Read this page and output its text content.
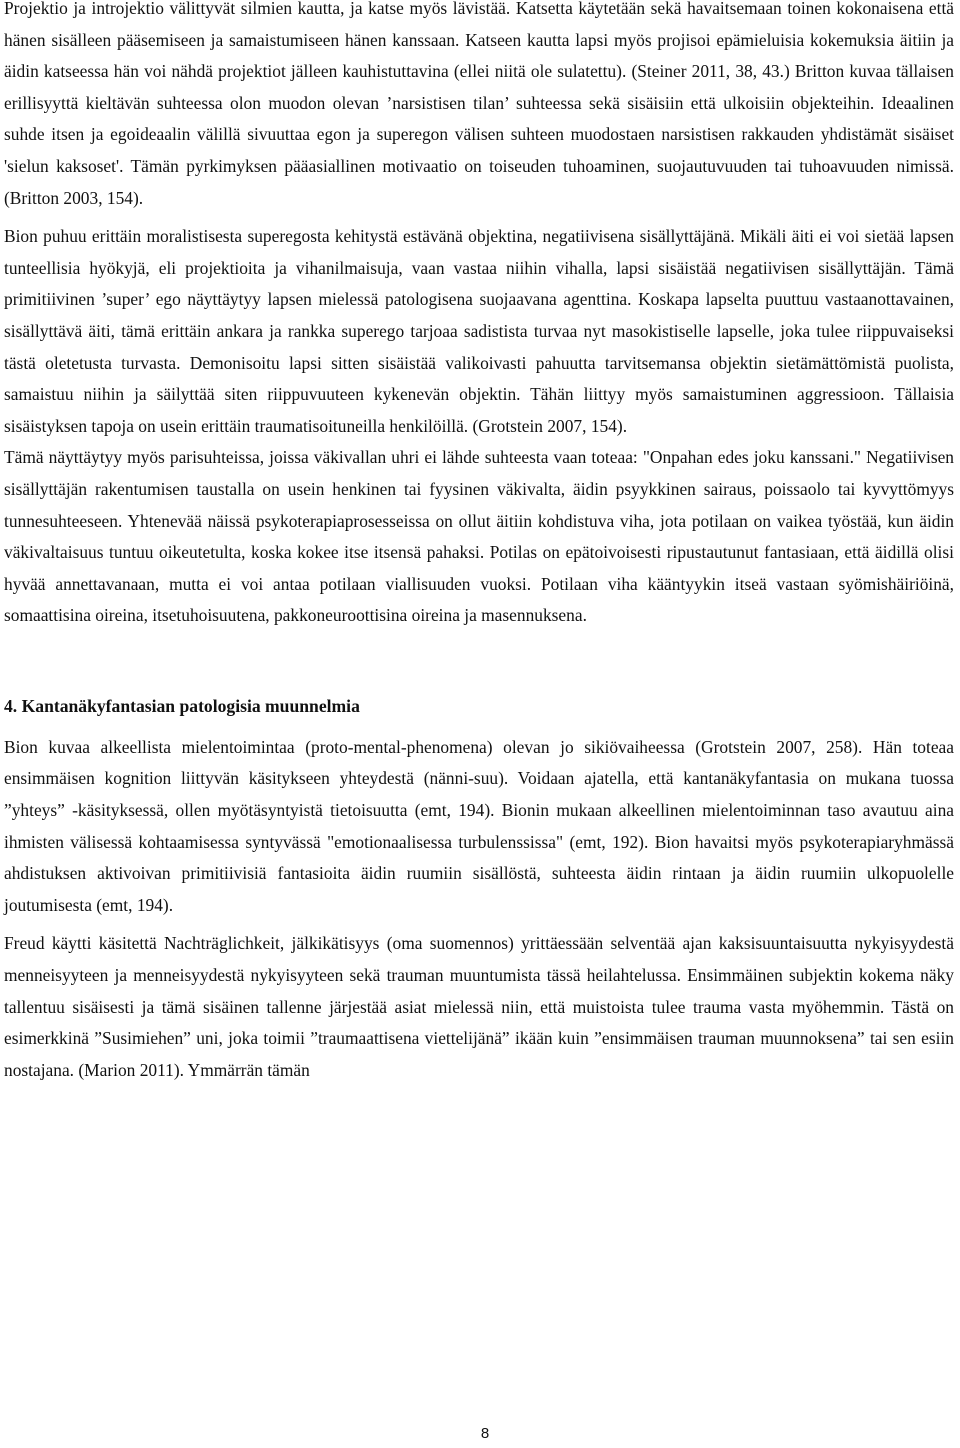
Projektio ja introjektio välittyvät silmien kautta, ja katse myös lävistää. Katsetta käytetään sekä havaitsemaan toinen kokonaisena että hänen sisälleen pääsemiseen ja samaistumiseen hänen kanssaan. Katseen kautta lapsi myös projisoi epämieluisia kokemuksia äitiin ja äidin katseessa hän voi nähdä projektiot jälleen kauhistuttavina (ellei niitä ole sulatettu). (Steiner 2011, 38, 43.) Britton kuvaa tällaisen erillisyyttä kieltävän suhteessa olon muodon olevan ’narsistisen tilan’ suhteessa sekä sisäisiin että ulkoisiin objekteihin. Ideaalinen suhde itsen ja egoideaalin välillä sivuuttaa egon ja superegon välisen suhteen muodostaen narsistisen rakkauden yhdistämät sisäiset 'sielun kaksoset'. Tämän pyrkimyksen pääasiallinen motivaatio on toiseuden tuhoaminen, suojautuvuuden tai tuhoavuuden nimissä. (Britton 2003, 154).

Bion puhuu erittäin moralistisesta superegosta kehitystä estävänä objektina, negatiivisena sisällyttäjänä. Mikäli äiti ei voi sietää lapsen tunteellisia hyökyjä, eli projektioita ja vihanilmaisuja, vaan vastaa niihin vihalla, lapsi sisäistää negatiivisen sisällyttäjän. Tämä primitiivinen ’super’ ego näyttäytyy lapsen mielessä patologisena suojaavana agenttina. Koskapa lapselta puuttuu vastaanottavainen, sisällyttävä äiti, tämä erittäin ankara ja rankka superego tarjoaa sadistista turvaa nyt masokistiselle lapselle, joka tulee riippuvaiseksi tästä oletetusta turvasta. Demonisoitu lapsi sitten sisäistää valikoivasti pahuutta tarvitsemansa objektin sietämättömistä puolista, samaistuu niihin ja säilyttää siten riippuvuuteen kykenevän objektin. Tähän liittyy myös samaistuminen aggressioon. Tällaisia sisäistyksen tapoja on usein erittäin traumatisoituneilla henkilöillä. (Grotstein 2007, 154).

Tämä näyttäytyy myös parisuhteissa, joissa väkivallan uhri ei lähde suhteesta vaan toteaa: "Onpahan edes joku kanssani." Negatiivisen sisällyttäjän rakentumisen taustalla on usein henkinen tai fyysinen väkivalta, äidin psyykkinen sairaus, poissaolo tai kyvyttömyys tunnesuhteeseen. Yhtenevää näissä psykoterapiaprosesseissa on ollut äitiin kohdistuva viha, jota potilaan on vaikea työstää, kun äidin väkivaltaisuus tuntuu oikeutetulta, koska kokee itse itsensä pahaksi. Potilas on epätoivoisesti ripustautunut fantasiaan, että äidillä olisi hyvää annettavanaan, mutta ei voi antaa potilaan viallisuuden vuoksi. Potilaan viha kääntyykin itseä vastaan syömishäiriöinä, somaattisina oireina, itsetuhoisuutena, pakkoneuroottisina oireina ja masennuksena.

4. Kantanäkyfantasian patologisia muunnelmia

Bion kuvaa alkeellista mielentoimintaa (proto-mental-phenomena) olevan jo sikiövaiheessa (Grotstein 2007, 258). Hän toteaa ensimmäisen kognition liittyvän käsitykseen yhteydestä (nänni-suu). Voidaan ajatella, että kantanäkyfantasia on mukana tuossa ”yhteys” -käsityksessä, ollen myötäsyntyistä tietoisuutta (emt, 194). Bionin mukaan alkeellinen mielentoiminnan taso avautuu aina ihmisten välisessä kohtaamisessa syntyvässä "emotionaalisessa turbulenssissa" (emt, 192). Bion havaitsi myös psykoterapiaryhmässä ahdistuksen aktivoivan primitiivisiä fantasioita äidin ruumiin sisällöstä, suhteesta äidin rintaan ja äidin ruumiin ulkopuolelle joutumisesta (emt, 194).

Freud käytti käsitettä Nachträglichkeit, jälkikätisyys (oma suomennos) yrittäessään selventää ajan kaksisuuntaisuutta nykyisyydestä menneisyyteen ja menneisyydestä nykyisyyteen sekä trauman muuntumista tässä heilahtelussa. Ensimmäinen subjektin kokema näky tallentuu sisäisesti ja tämä sisäinen tallenne järjestää asiat mielessä niin, että muistoista tulee trauma vasta myöhemmin. Tästä on esimerkkinä ”Susimiehen” uni, joka toimii ”traumaattisena viettelijänä” ikään kuin ”ensimmäisen trauman muunnoksena” tai sen esiin nostajana. (Marion 2011). Ymmärrän tämän

8
